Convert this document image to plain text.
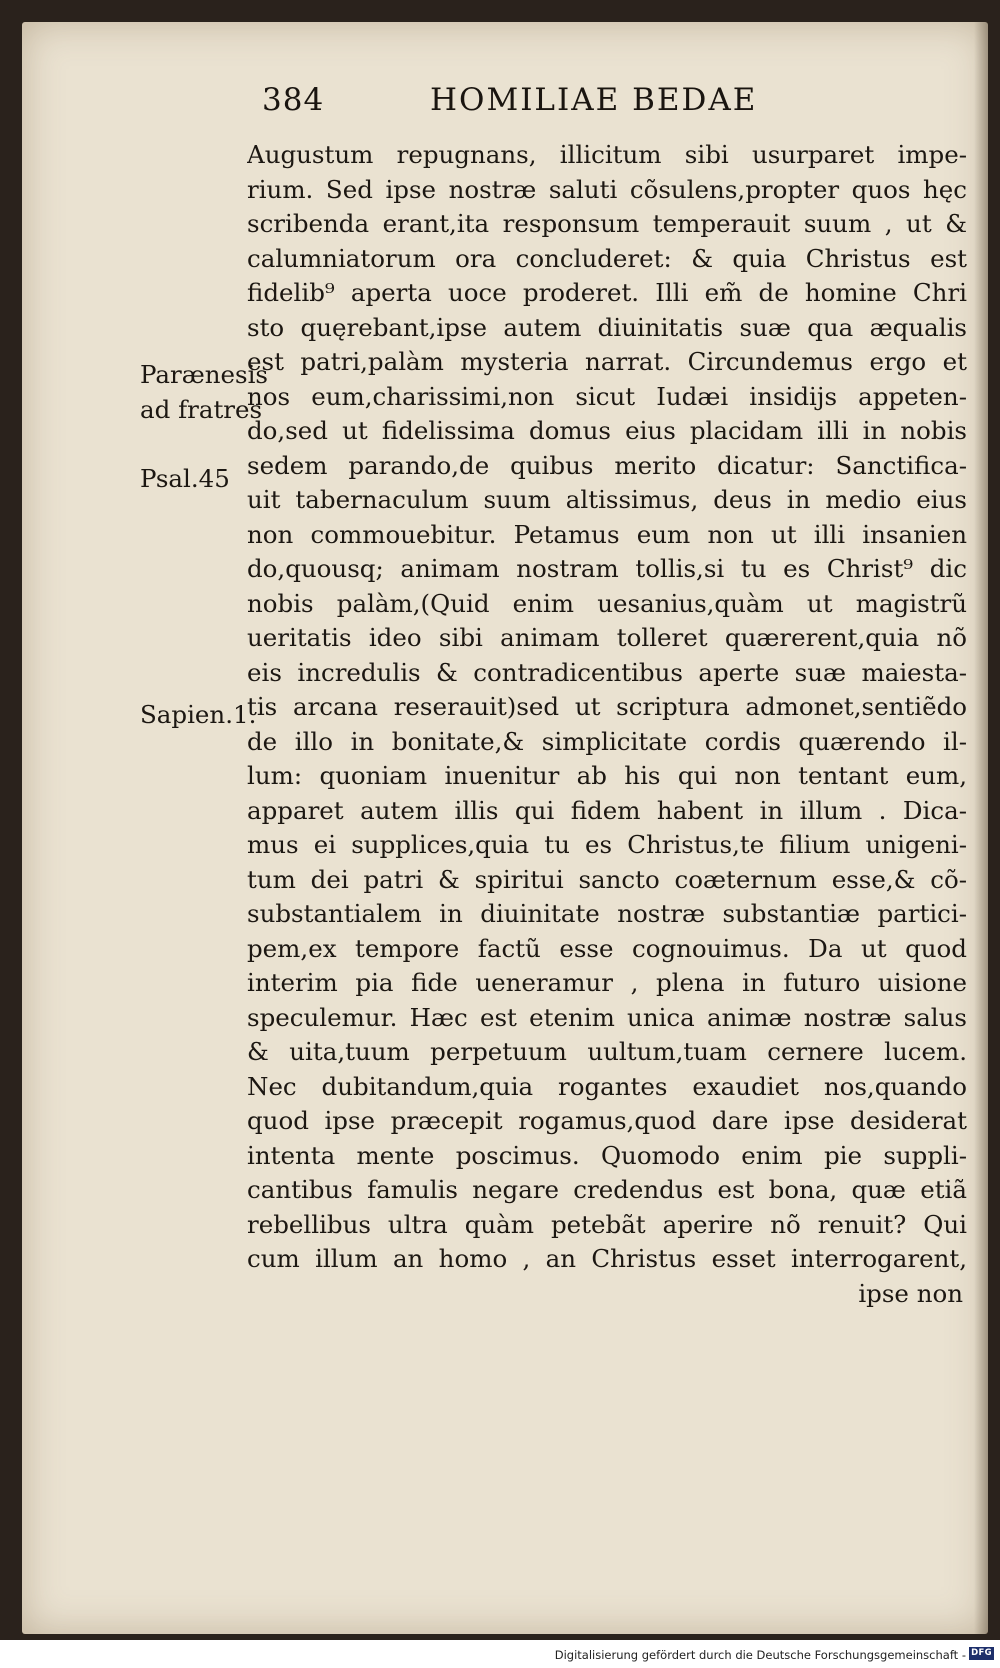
384	HOMILIAE BEDAE
Augustum repugnans, illicitum sibi usurparet impe-
rium. Sed ipse nostræ saluti cõsulens,propter quos hęc
scribenda erant,ita responsum temperauit suum , ut &
calumniatorum ora concluderet: & quia Christus est
fidelib⁹ aperta uoce proderet. Illi em̃ de homine Chri
sto quęrebant,ipse autem diuinitatis suæ qua æqualis
est patri,palàm mysteria narrat. Circundemus ergo et
nos eum,charissimi,non sicut Iudæi insidijs appeten-
do,sed ut fidelissima domus eius placidam illi in nobis
sedem parando,de quibus merito dicatur: Sanctifica-
uit tabernaculum suum altissimus, deus in medio eius
non commouebitur. Petamus eum non ut illi insanien
do,quousq; animam nostram tollis,si tu es Christ⁹ dic
nobis palàm,(Quid enim uesanius,quàm ut magistrũ
ueritatis ideo sibi animam tolleret quærerent,quia nõ
eis incredulis & contradicentibus aperte suæ maiesta-
tis arcana reserauit)sed ut scriptura admonet,sentiẽdo
de illo in bonitate,& simplicitate cordis quærendo il-
lum: quoniam inuenitur ab his qui non tentant eum,
apparet autem illis qui fidem habent in illum . Dica-
mus ei supplices,quia tu es Christus,te filium unigeni-
tum dei patri & spiritui sancto coæternum esse,& cõ-
substantialem in diuinitate nostræ substantiæ partici-
pem,ex tempore factũ esse cognouimus. Da ut quod
interim pia fide ueneramur , plena in futuro uisione
speculemur. Hæc est etenim unica animæ nostræ salus
& uita,tuum perpetuum uultum,tuam cernere lucem.
Nec dubitandum,quia rogantes exaudiet nos,quando
quod ipse præcepit rogamus,quod dare ipse desiderat
intenta mente poscimus. Quomodo enim pie suppli-
cantibus famulis negare credendus est bona, quæ etiã
rebellibus ultra quàm petebãt aperire nõ renuit? Qui
cum illum an homo , an Christus esset interrogarent,
ipse non
Parænesis
ad fratres
Psal.45
Sapien.1.
Digitalisierung gefördert durch die Deutsche Forschungsgemeinschaft - DFG
